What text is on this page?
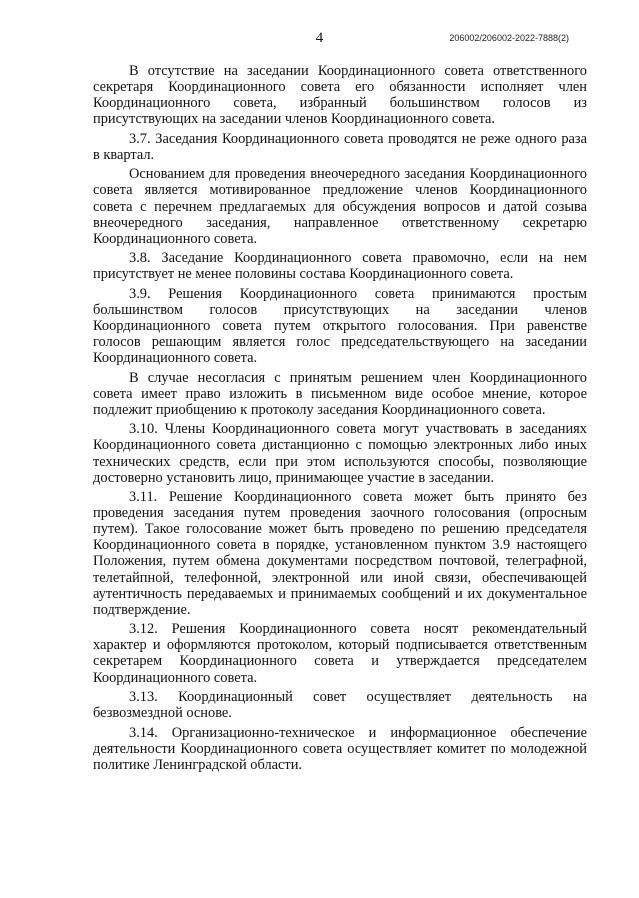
4	206002/206002-2022-7888(2)

В отсутствие на заседании Координационного совета ответственного секретаря Координационного совета его обязанности исполняет член Координационного совета, избранный большинством голосов из присутствующих на заседании членов Координационного совета.

3.7. Заседания Координационного совета проводятся не реже одного раза в квартал.

Основанием для проведения внеочередного заседания Координационного совета является мотивированное предложение членов Координационного совета с перечнем предлагаемых для обсуждения вопросов и датой созыва внеочередного заседания, направленное ответственному секретарю Координационного совета.

3.8. Заседание Координационного совета правомочно, если на нем присутствует не менее половины состава Координационного совета.

3.9. Решения Координационного совета принимаются простым большинством голосов присутствующих на заседании членов Координационного совета путем открытого голосования. При равенстве голосов решающим является голос председательствующего на заседании Координационного совета.

В случае несогласия с принятым решением член Координационного совета имеет право изложить в письменном виде особое мнение, которое подлежит приобщению к протоколу заседания Координационного совета.

3.10. Члены Координационного совета могут участвовать в заседаниях Координационного совета дистанционно с помощью электронных либо иных технических средств, если при этом используются способы, позволяющие достоверно установить лицо, принимающее участие в заседании.

3.11. Решение Координационного совета может быть принято без проведения заседания путем проведения заочного голосования (опросным путем). Такое голосование может быть проведено по решению председателя Координационного совета в порядке, установленном пунктом 3.9 настоящего Положения, путем обмена документами посредством почтовой, телеграфной, телетайпной, телефонной, электронной или иной связи, обеспечивающей аутентичность передаваемых и принимаемых сообщений и их документальное подтверждение.

3.12. Решения Координационного совета носят рекомендательный характер и оформляются протоколом, который подписывается ответственным секретарем Координационного совета и утверждается председателем Координационного совета.

3.13. Координационный совет осуществляет деятельность на безвозмездной основе.

3.14. Организационно-техническое и информационное обеспечение деятельности Координационного совета осуществляет комитет по молодежной политике Ленинградской области.
